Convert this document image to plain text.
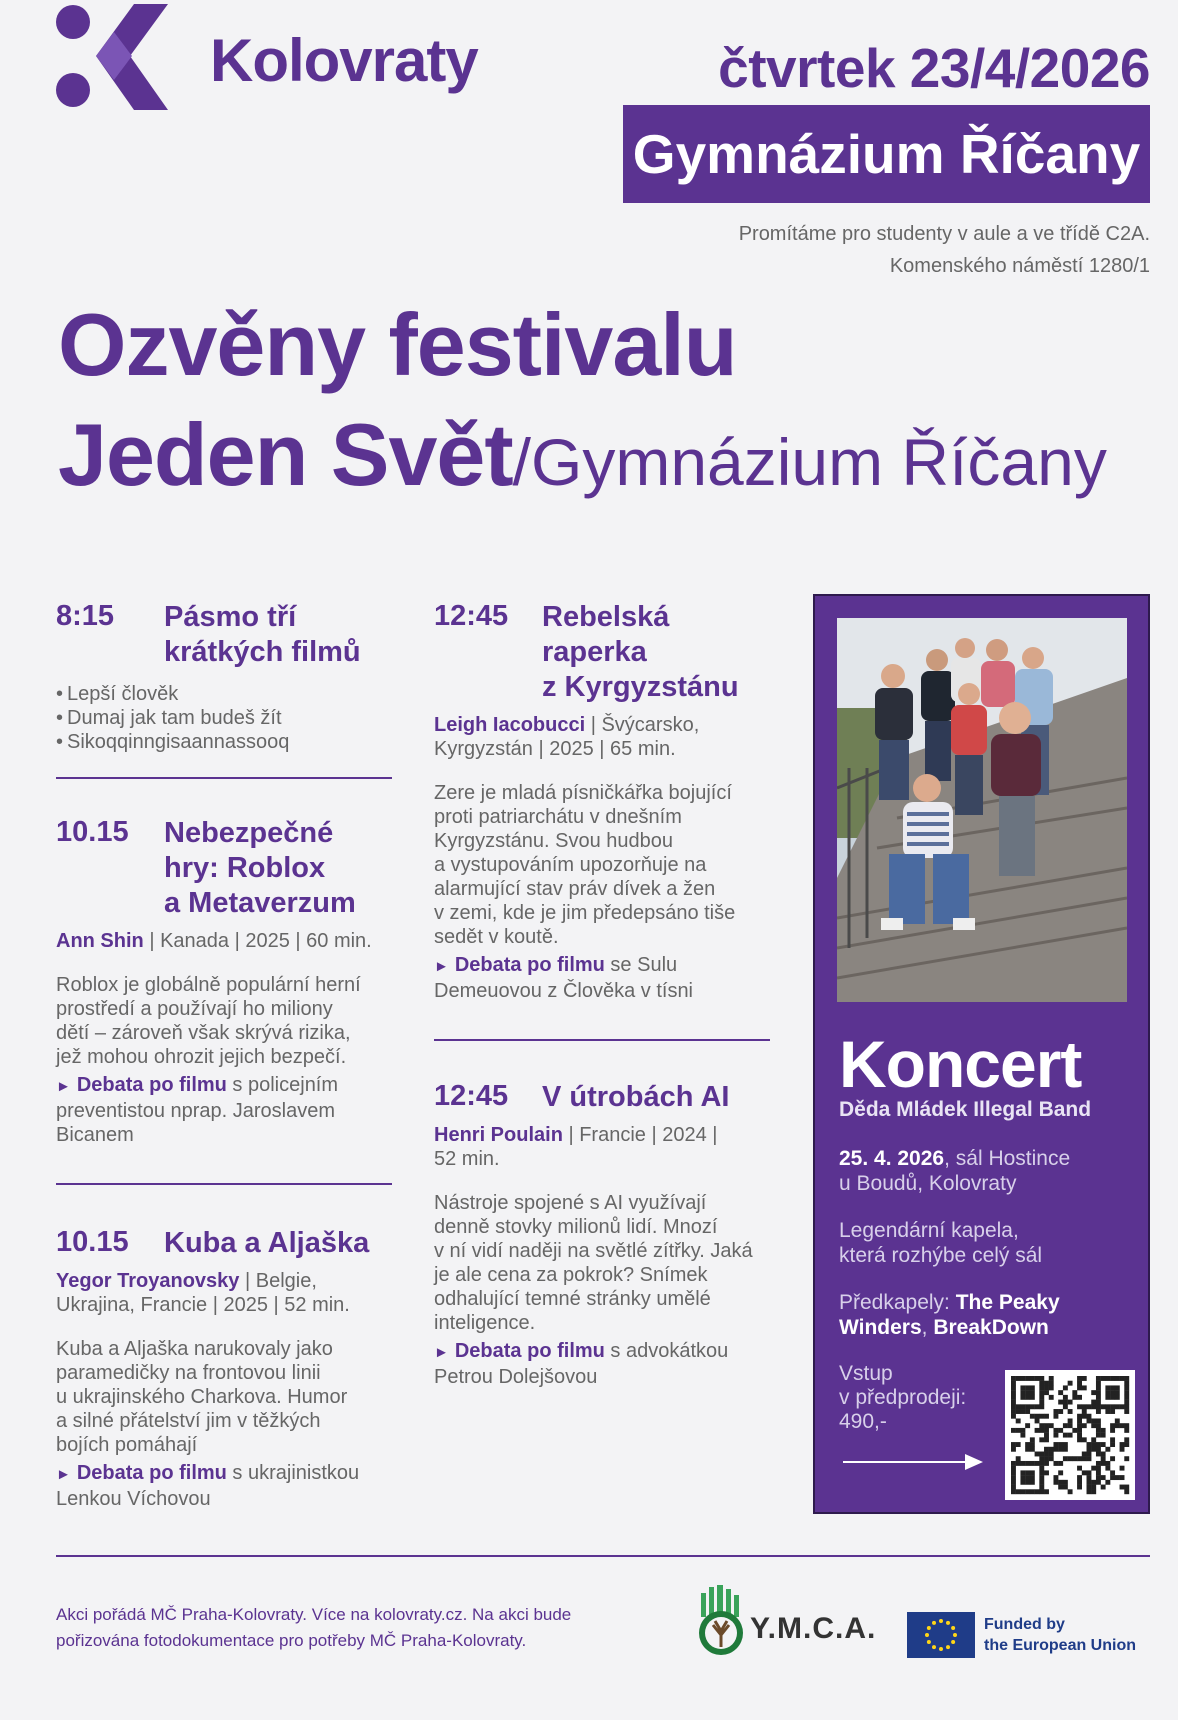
Kolovraty	čtvrtek 23/4/2026
Gymnázium Říčany
Promítáme pro studenty v aule a ve třídě C2A.
Komenského náměstí 1280/1
Ozvěny festivalu
Jeden Svět/Gymnázium Říčany
8:15	Pásmo tří
krátkých filmů
• Lepší člověk
• Dumaj jak tam budeš žít
• Sikoqqinngisaannassooq
10.15	Nebezpečné
hry: Roblox
a Metaverzum
Ann Shin | Kanada | 2025 | 60 min.
Roblox je globálně populární herní
prostředí a používají ho miliony
dětí – zároveň však skrývá rizika,
jež mohou ohrozit jejich bezpečí.
► Debata po filmu s policejním
preventistou nprap. Jaroslavem
Bicanem
10.15	Kuba a Aljaška
Yegor Troyanovsky | Belgie,
Ukrajina, Francie | 2025 | 52 min.
Kuba a Aljaška narukovaly jako
paramedičky na frontovou linii
u ukrajinského Charkova. Humor
a silné přátelství jim v těžkých
bojích pomáhají
► Debata po filmu s ukrajinistkou
Lenkou Víchovou
12:45	Rebelská
raperka
z Kyrgyzstánu
Leigh Iacobucci | Švýcarsko,
Kyrgyzstán | 2025 | 65 min.
Zere je mladá písničkářka bojující
proti patriarchátu v dnešním
Kyrgyzstánu. Svou hudbou
a vystupováním upozorňuje na
alarmující stav práv dívek a žen
v zemi, kde je jim předepsáno tiše
sedět v koutě.
► Debata po filmu se Sulu
Demeuovou z Člověka v tísni
12:45	V útrobách AI
Henri Poulain | Francie | 2024 |
52 min.
Nástroje spojené s AI využívají
denně stovky milionů lidí. Mnozí
v ní vidí naději na světlé zítřky. Jaká
je ale cena za pokrok? Snímek
odhalující temné stránky umělé
inteligence.
► Debata po filmu s advokátkou
Petrou Dolejšovou
Koncert
Děda Mládek Illegal Band
25. 4. 2026, sál Hostince
u Boudů, Kolovraty
Legendární kapela,
která rozhýbe celý sál
Předkapely: The Peaky
Winders, BreakDown
Vstup
v předprodeji:
490,-
Akci pořádá MČ Praha-Kolovraty. Více na kolovraty.cz. Na akci bude
pořizována fotodokumentace pro potřeby MČ Praha-Kolovraty.	Y.M.C.A.	Funded by
the European Union
